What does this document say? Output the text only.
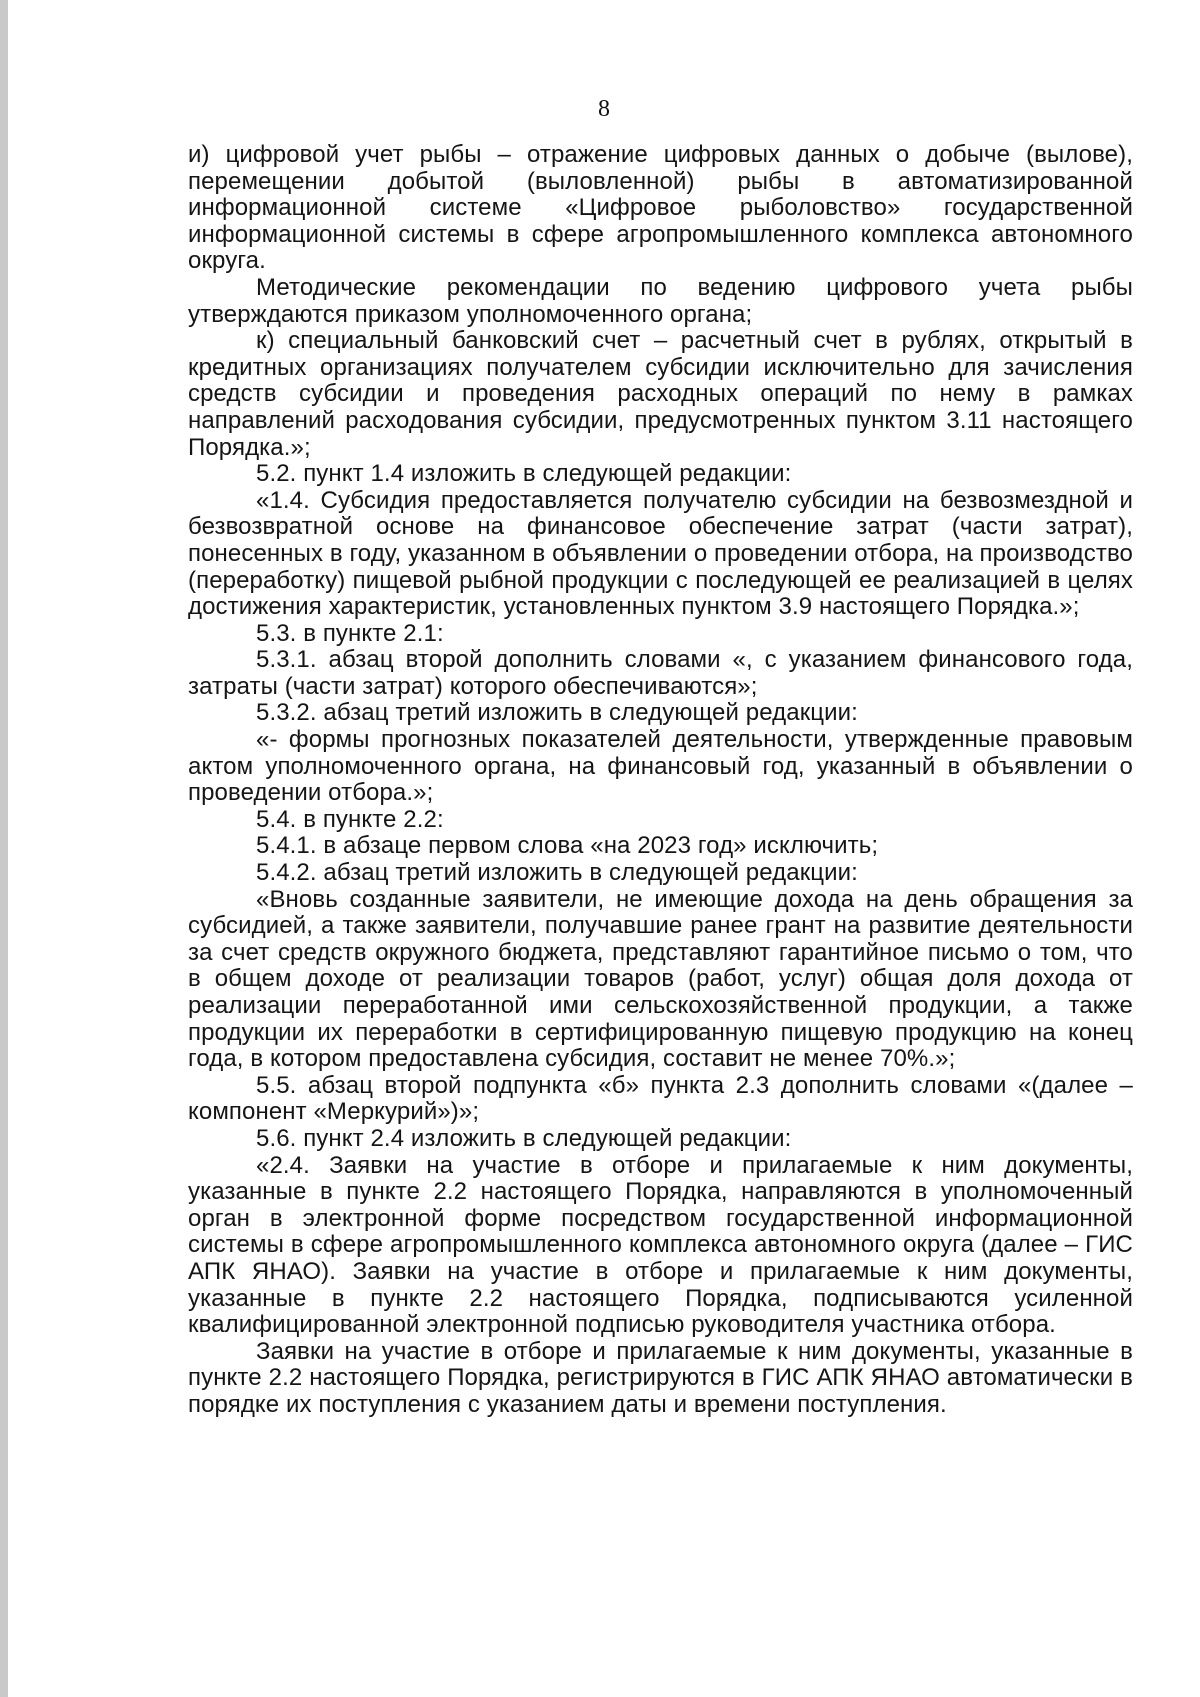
8

и) цифровой учет рыбы – отражение цифровых данных о добыче (вылове), перемещении добытой (выловленной) рыбы в автоматизированной информационной системе «Цифровое рыболовство» государственной информационной системы в сфере агропромышленного комплекса автономного округа.

Методические рекомендации по ведению цифрового учета рыбы утверждаются приказом уполномоченного органа;

к) специальный банковский счет – расчетный счет в рублях, открытый в кредитных организациях получателем субсидии исключительно для зачисления средств субсидии и проведения расходных операций по нему в рамках направлений расходования субсидии, предусмотренных пунктом 3.11 настоящего Порядка.»;

5.2. пункт 1.4 изложить в следующей редакции:

«1.4. Субсидия предоставляется получателю субсидии на безвозмездной и безвозвратной основе на финансовое обеспечение затрат (части затрат), понесенных в году, указанном в объявлении о проведении отбора, на производство (переработку) пищевой рыбной продукции с последующей ее реализацией в целях достижения характеристик, установленных пунктом 3.9 настоящего Порядка.»;

5.3. в пункте 2.1:

5.3.1. абзац второй дополнить словами «, с указанием финансового года, затраты (части затрат) которого обеспечиваются»;

5.3.2. абзац третий изложить в следующей редакции:

«- формы прогнозных показателей деятельности, утвержденные правовым актом уполномоченного органа, на финансовый год, указанный в объявлении о проведении отбора.»;

5.4. в пункте 2.2:

5.4.1. в абзаце первом слова «на 2023 год» исключить;

5.4.2. абзац третий изложить в следующей редакции:

«Вновь созданные заявители, не имеющие дохода на день обращения за субсидией, а также заявители, получавшие ранее грант на развитие деятельности за счет средств окружного бюджета, представляют гарантийное письмо о том, что в общем доходе от реализации товаров (работ, услуг) общая доля дохода от реализации переработанной ими сельскохозяйственной продукции, а также продукции их переработки в сертифицированную пищевую продукцию на конец года, в котором предоставлена субсидия, составит не менее 70%.»;

5.5. абзац второй подпункта «б» пункта 2.3 дополнить словами «(далее – компонент «Меркурий»)»;

5.6. пункт 2.4 изложить в следующей редакции:

«2.4. Заявки на участие в отборе и прилагаемые к ним документы, указанные в пункте 2.2 настоящего Порядка, направляются в уполномоченный орган в электронной форме посредством государственной информационной системы в сфере агропромышленного комплекса автономного округа (далее – ГИС АПК ЯНАО). Заявки на участие в отборе и прилагаемые к ним документы, указанные в пункте 2.2 настоящего Порядка, подписываются усиленной квалифицированной электронной подписью руководителя участника отбора.

Заявки на участие в отборе и прилагаемые к ним документы, указанные в пункте 2.2 настоящего Порядка, регистрируются в ГИС АПК ЯНАО автоматически в порядке их поступления с указанием даты и времени поступления.
